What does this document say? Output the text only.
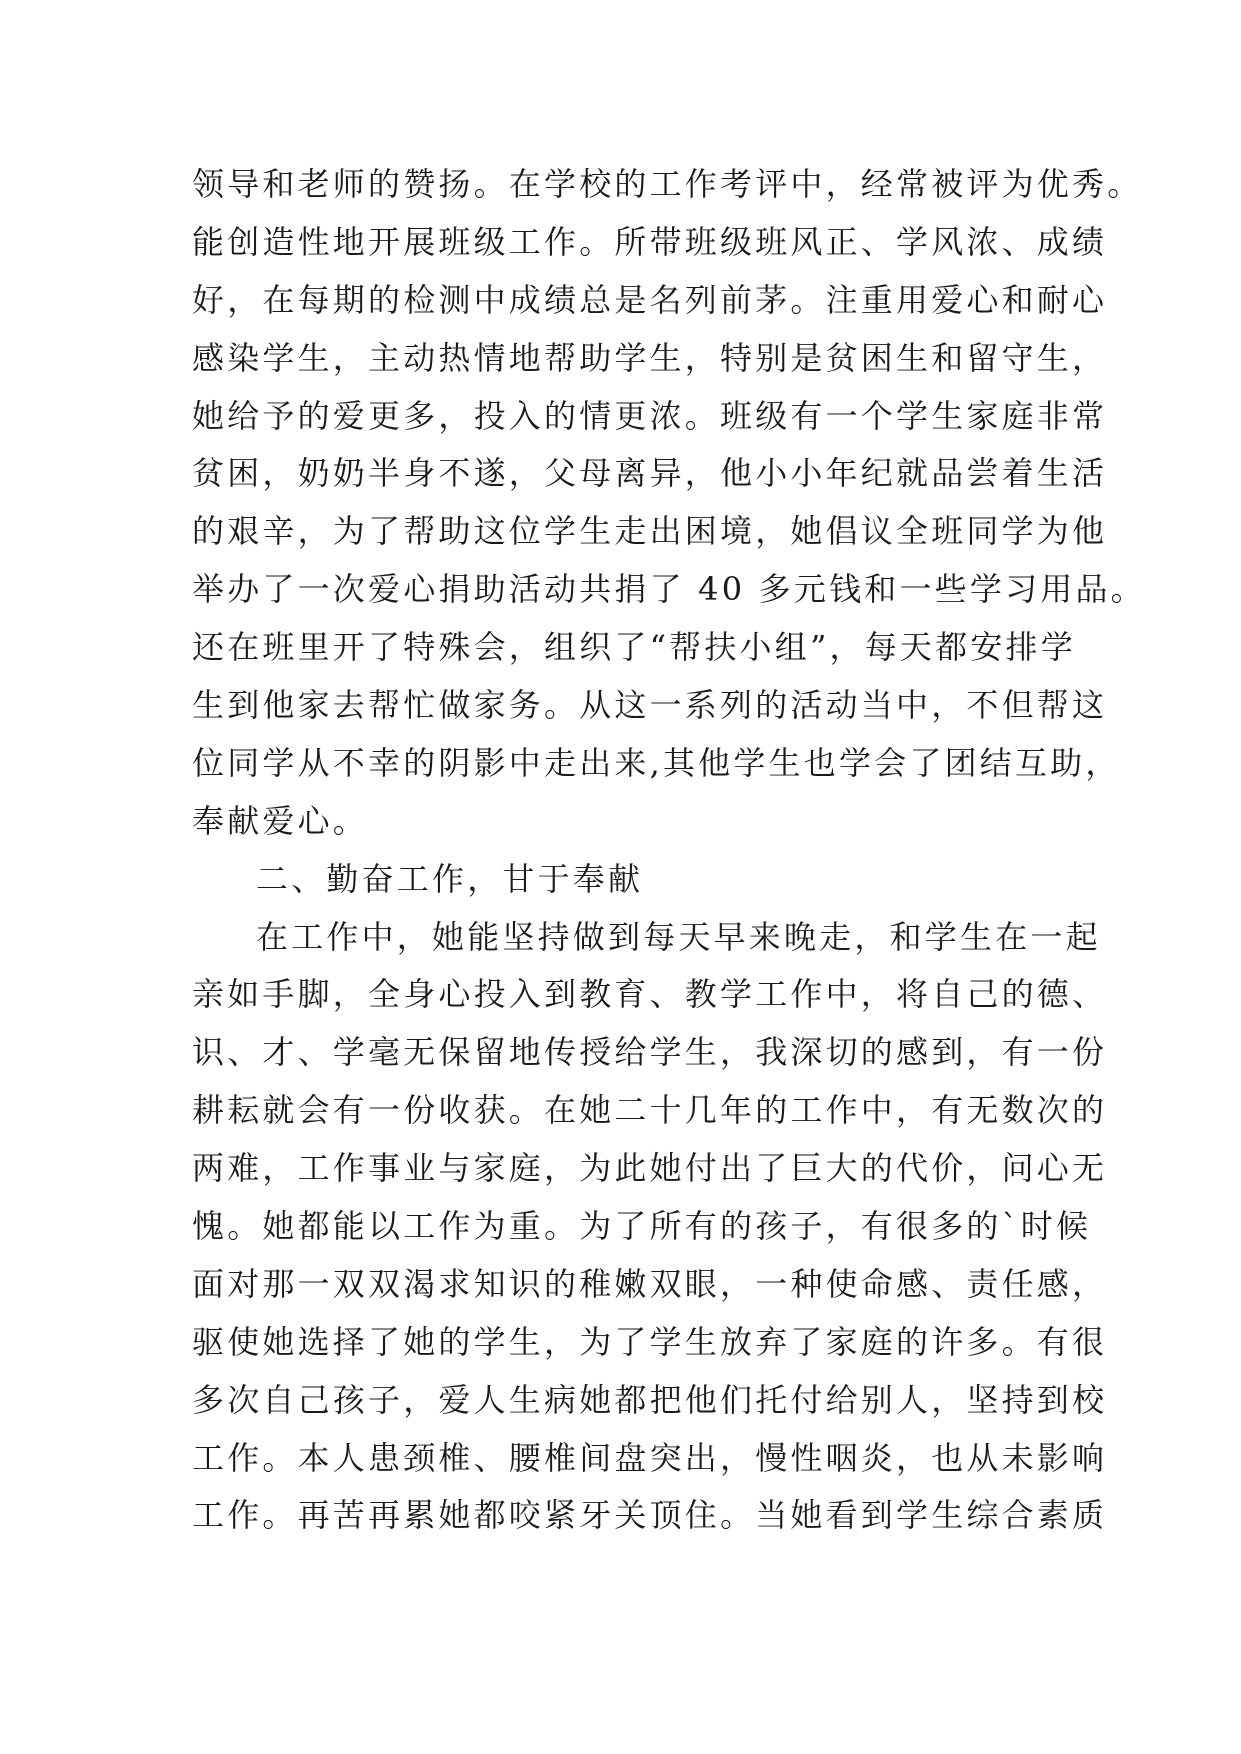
领导和老师的赞扬。在学校的工作考评中，经常被评为优秀。
能创造性地开展班级工作。所带班级班风正、学风浓、成绩
好，在每期的检测中成绩总是名列前茅。注重用爱心和耐心
感染学生，主动热情地帮助学生，特别是贫困生和留守生，
她给予的爱更多，投入的情更浓。班级有一个学生家庭非常
贫困，奶奶半身不遂，父母离异，他小小年纪就品尝着生活
的艰辛，为了帮助这位学生走出困境，她倡议全班同学为他
举办了一次爱心捐助活动共捐了 40 多元钱和一些学习用品。
还在班里开了特殊会，组织了“帮扶小组”，每天都安排学
生到他家去帮忙做家务。从这一系列的活动当中，不但帮这
位同学从不幸的阴影中走出来,其他学生也学会了团结互助，
奉献爱心。
二、勤奋工作，甘于奉献
在工作中，她能坚持做到每天早来晚走，和学生在一起
亲如手脚，全身心投入到教育、教学工作中，将自己的德、
识、才、学毫无保留地传授给学生，我深切的感到，有一份
耕耘就会有一份收获。在她二十几年的工作中，有无数次的
两难，工作事业与家庭，为此她付出了巨大的代价，问心无
愧。她都能以工作为重。为了所有的孩子，有很多的`时候
面对那一双双渴求知识的稚嫩双眼，一种使命感、责任感，
驱使她选择了她的学生，为了学生放弃了家庭的许多。有很
多次自己孩子，爱人生病她都把他们托付给别人，坚持到校
工作。本人患颈椎、腰椎间盘突出，慢性咽炎，也从未影响
工作。再苦再累她都咬紧牙关顶住。当她看到学生综合素质
